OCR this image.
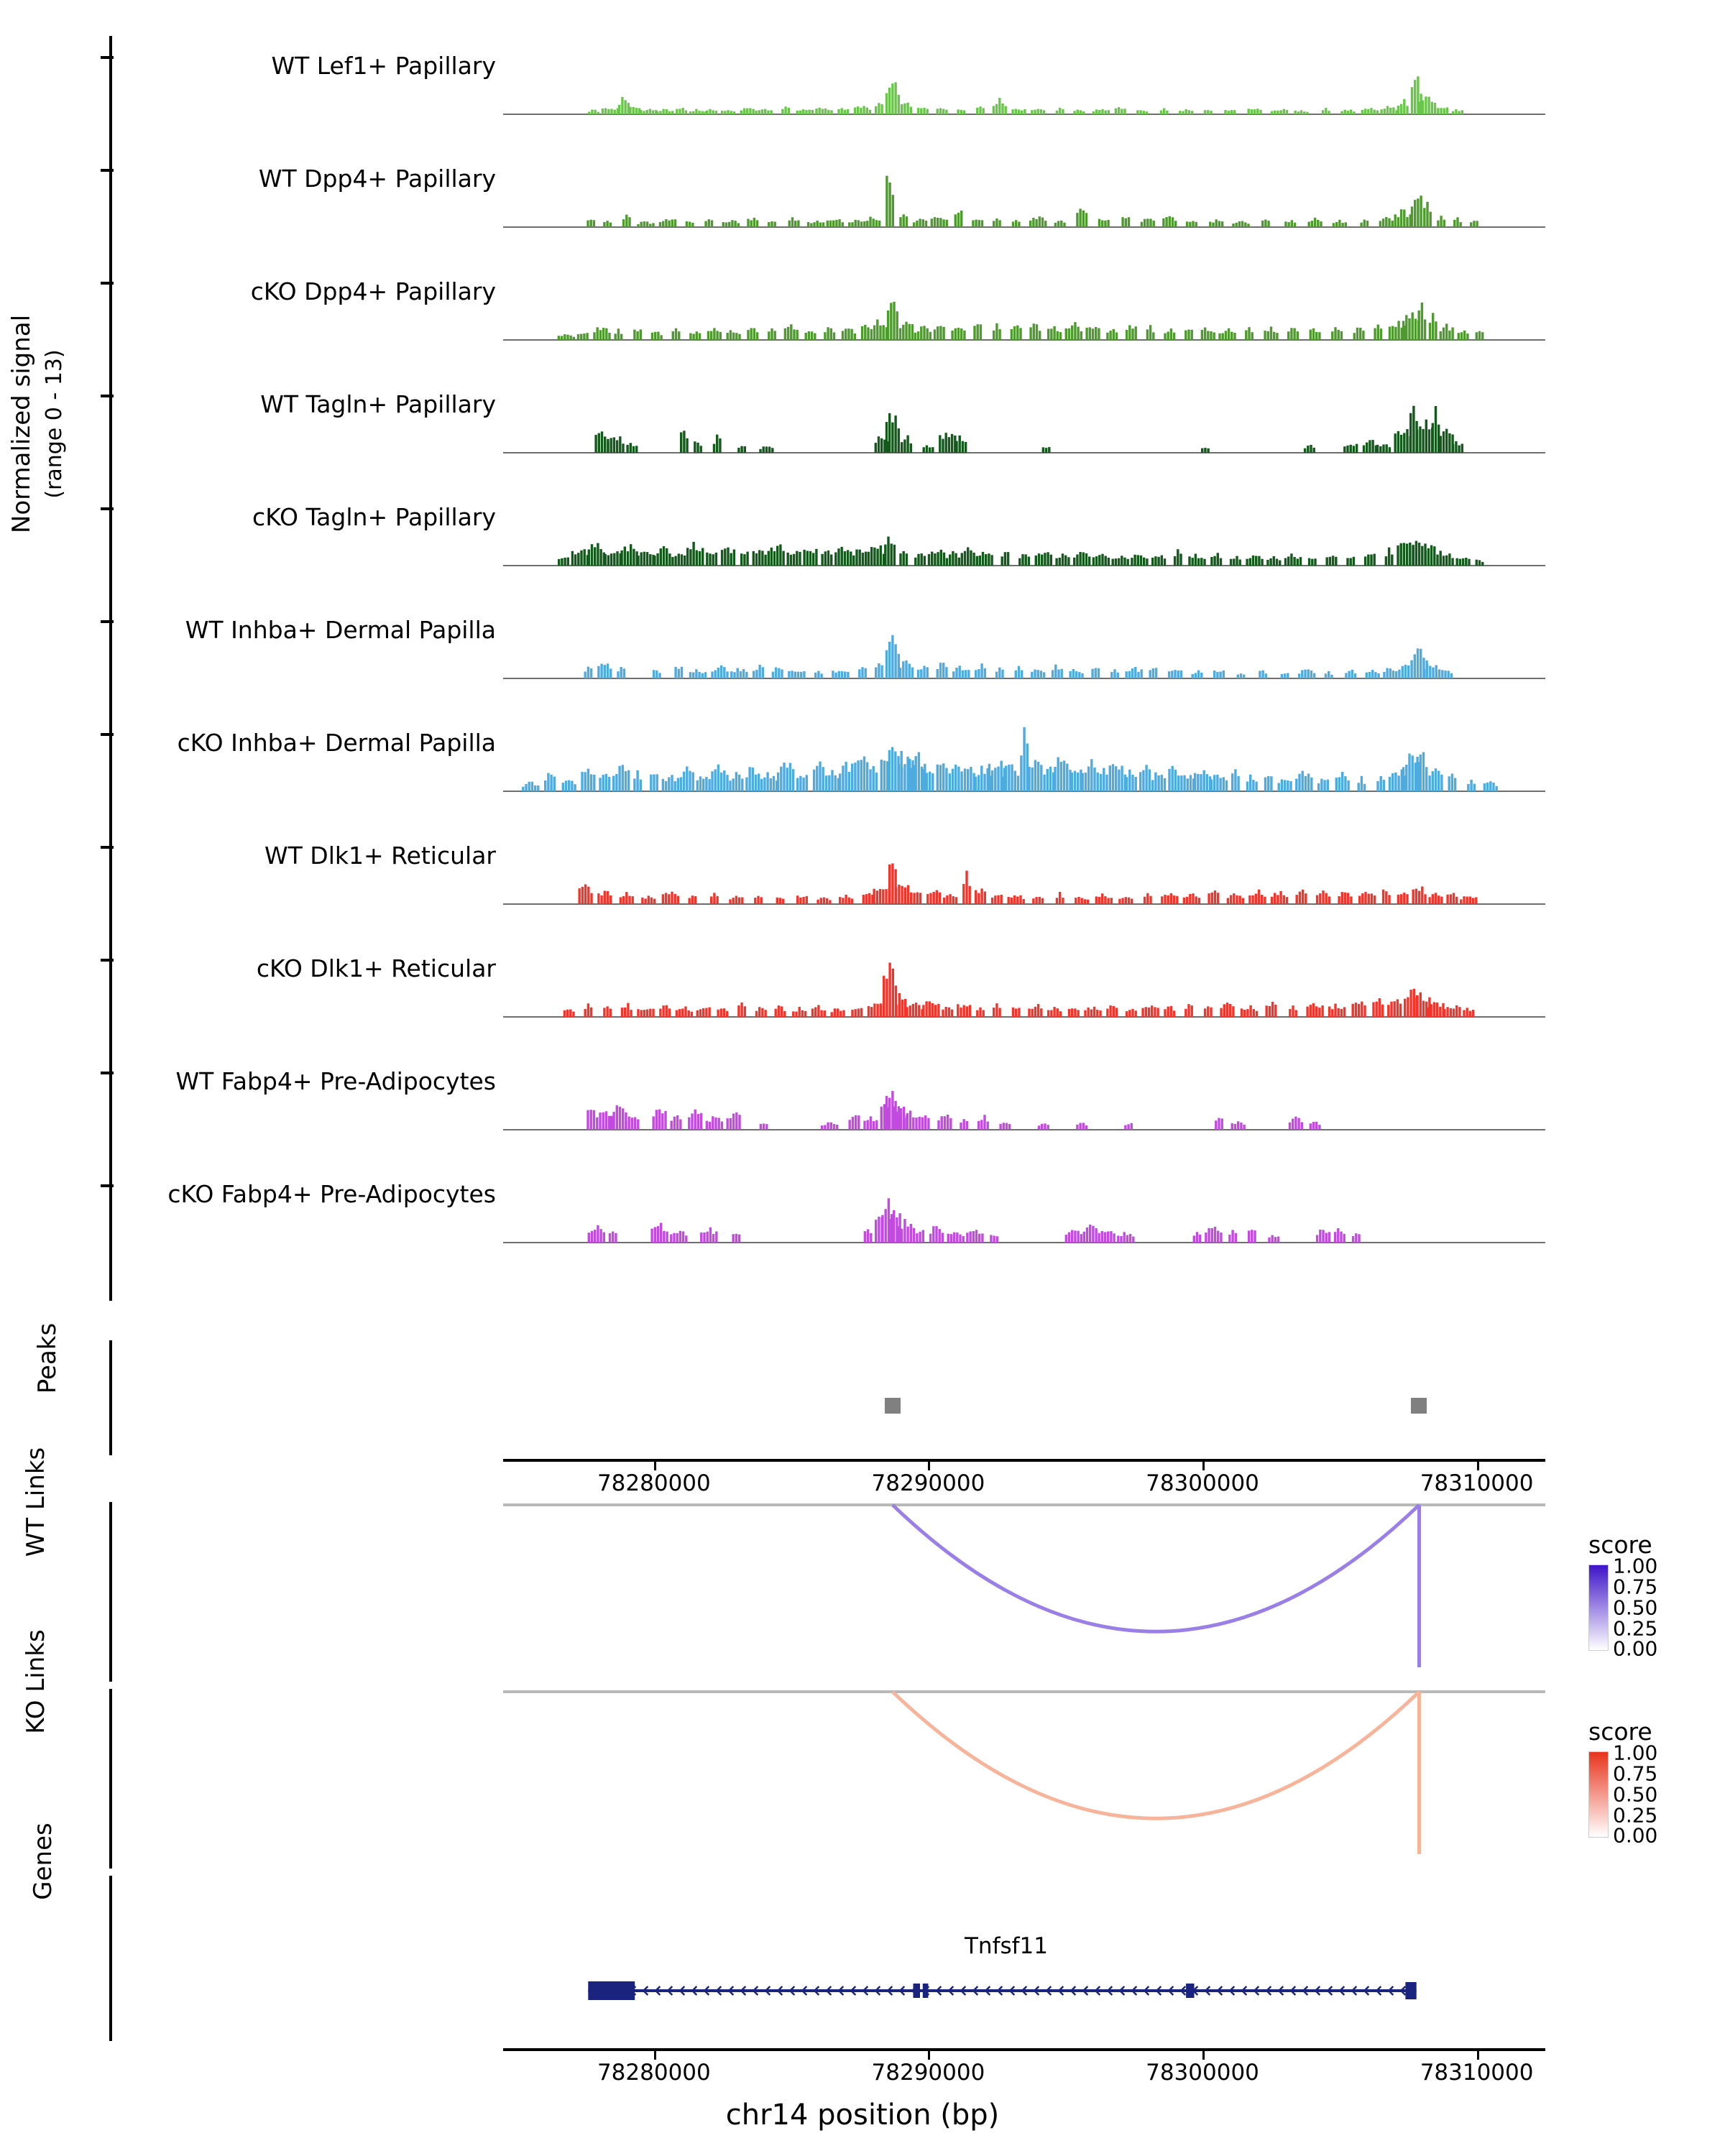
Normalized signal (range 0 - 13)
WT Lef1+ Papillary
WT Dpp4+ Papillary
cKO Dpp4+ Papillary
WT Tagln+ Papillary
cKO Tagln+ Papillary
WT Inhba+ Dermal Papilla
cKO Inhba+ Dermal Papilla
WT Dlk1+ Reticular
cKO Dlk1+ Reticular
WT Fabp4+ Pre-Adipocytes
cKO Fabp4+ Pre-Adipocytes
Peaks
78280000	78290000	78300000	78310000
WT Links	score
1.00
0.75
0.50
0.25
0.00
KO Links	score
1.00
0.75
0.50
0.25
0.00
Genes
Tnfsf11
78280000	78290000	78300000	78310000
chr14 position (bp)
